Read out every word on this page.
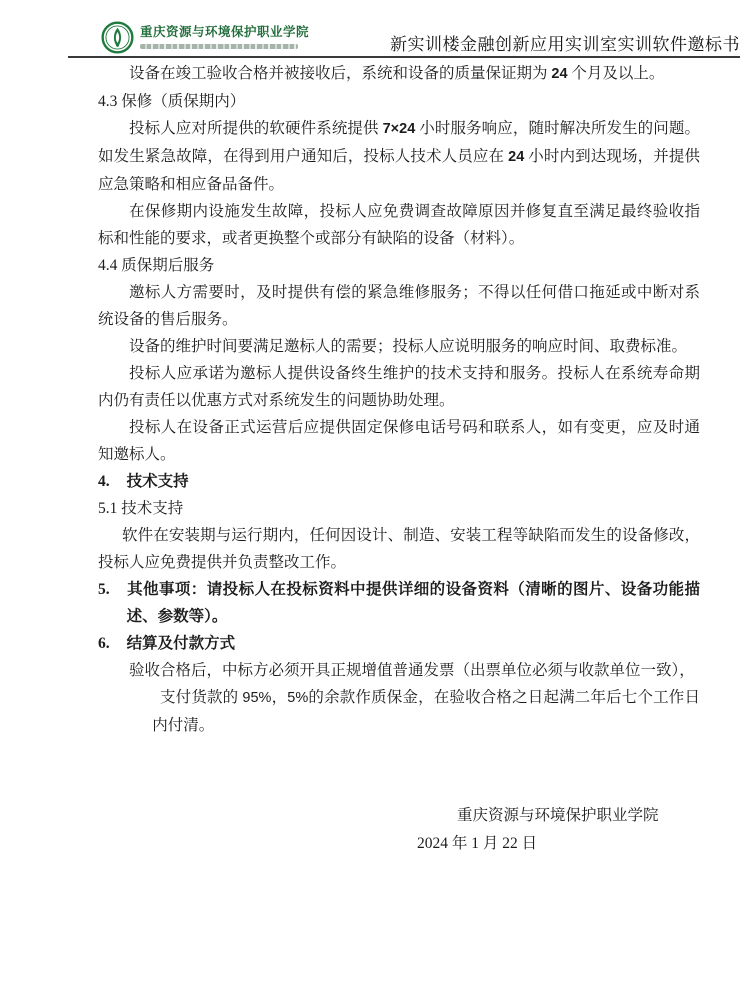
重庆资源与环境保护职业学院
新实训楼金融创新应用实训室实训软件邀标书

设备在竣工验收合格并被接收后，系统和设备的质量保证期为 24 个月及以上。

4.3 保修（质保期内）

投标人应对所提供的软硬件系统提供 7×24 小时服务响应，随时解决所发生的问题。如发生紧急故障，在得到用户通知后，投标人技术人员应在 24 小时内到达现场，并提供应急策略和相应备品备件。

在保修期内设施发生故障，投标人应免费调查故障原因并修复直至满足最终验收指标和性能的要求，或者更换整个或部分有缺陷的设备（材料）。

4.4 质保期后服务

邀标人方需要时，及时提供有偿的紧急维修服务；不得以任何借口拖延或中断对系统设备的售后服务。

设备的维护时间要满足邀标人的需要；投标人应说明服务的响应时间、取费标准。

投标人应承诺为邀标人提供设备终生维护的技术支持和服务。投标人在系统寿命期内仍有责任以优惠方式对系统发生的问题协助处理。

投标人在设备正式运营后应提供固定保修电话号码和联系人，如有变更，应及时通知邀标人。

4. 技术支持

5.1 技术支持

软件在安装期与运行期内，任何因设计、制造、安装工程等缺陷而发生的设备修改，投标人应免费提供并负责整改工作。

5. 其他事项：请投标人在投标资料中提供详细的设备资料（清晰的图片、设备功能描述、参数等）。

6. 结算及付款方式

验收合格后，中标方必须开具正规增值普通发票（出票单位必须与收款单位一致），

支付货款的 95%，5%的余款作质保金，在验收合格之日起满二年后七个工作日内付清。

重庆资源与环境保护职业学院

2024 年 1 月 22 日
